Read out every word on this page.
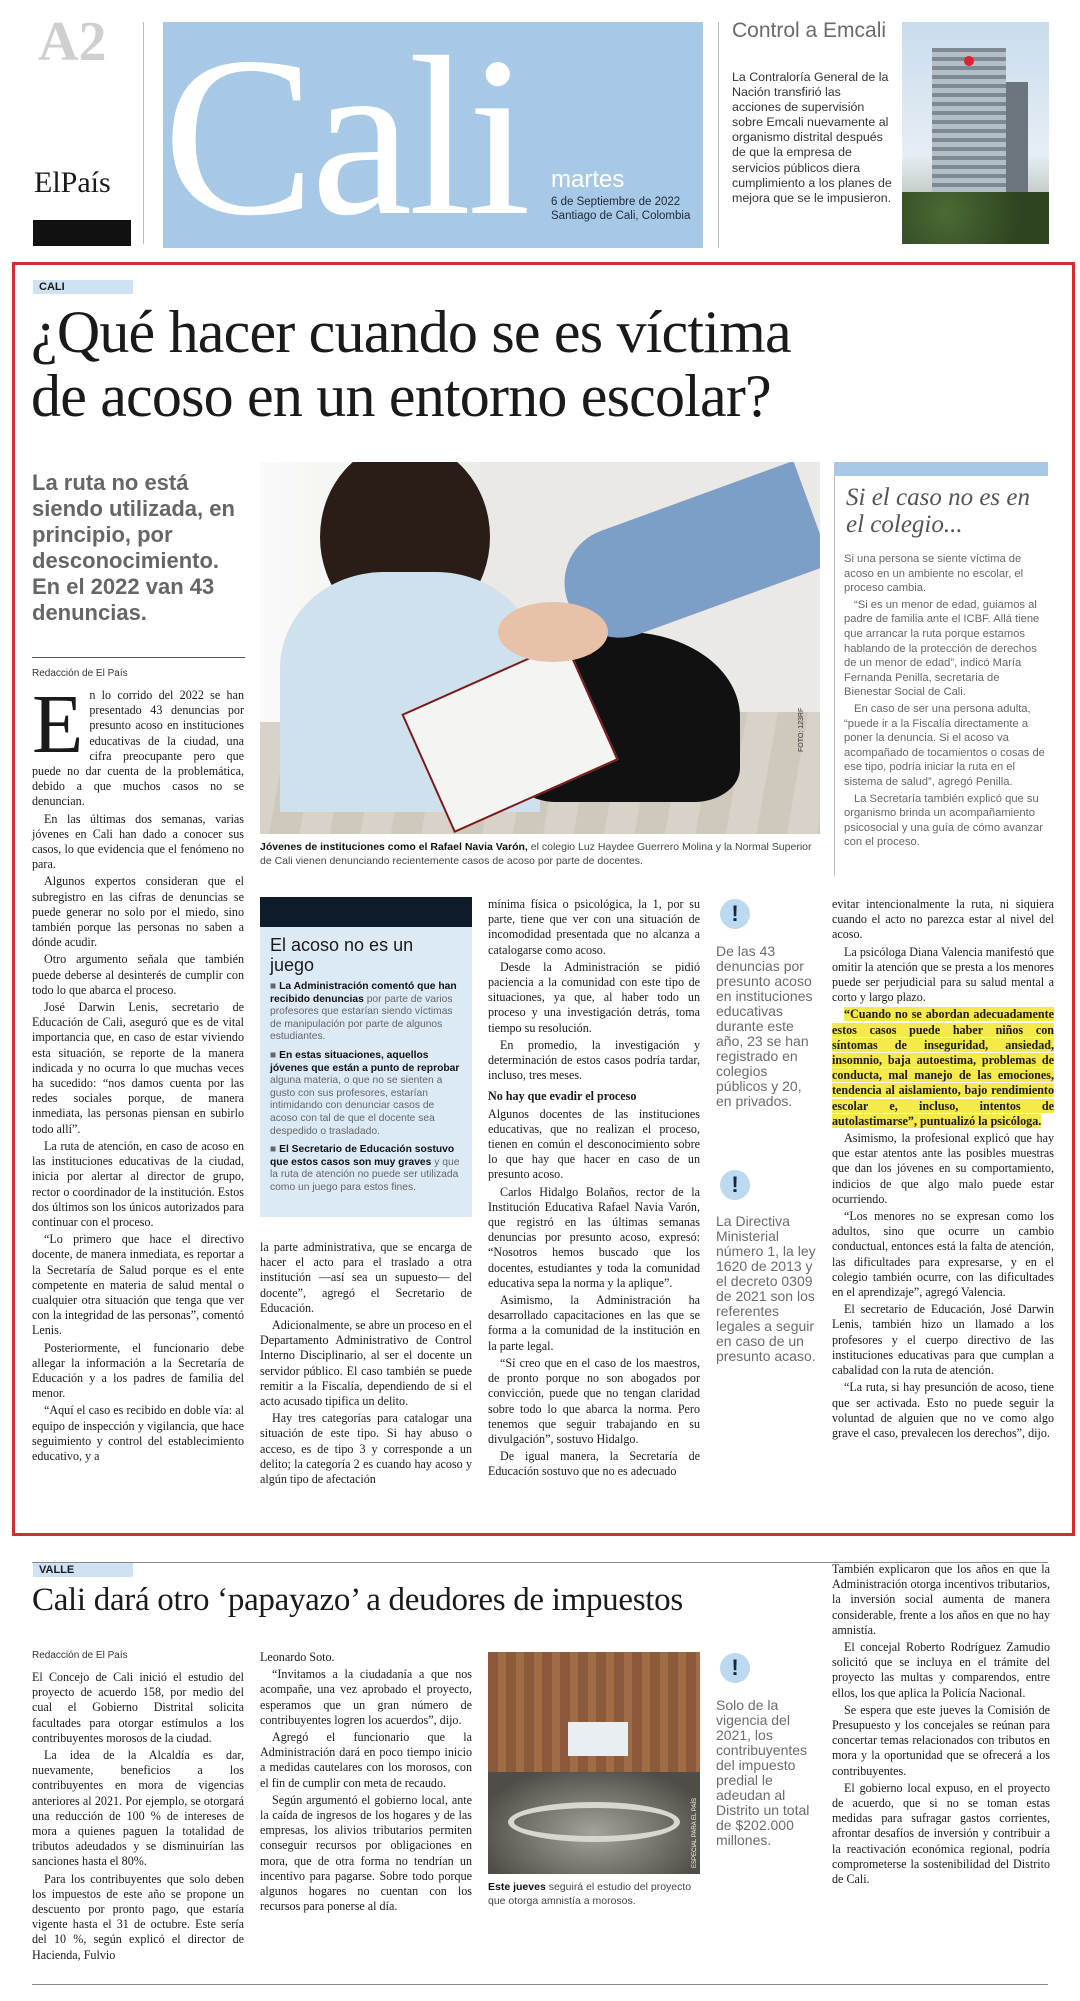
A2
ElPaís Cali martes
6 de Septiembre de 2022
Santiago de Cali, Colombia
Control a Emcali
La Contraloría General de la Nación transfirió las acciones de supervisión sobre Emcali nuevamente al organismo distrital después de que la empresa de servicios públicos diera cumplimiento a los planes de mejora que se le impusieron.
CALI
¿Qué hacer cuando se es víctima
de acoso en un entorno escolar?
La ruta no está siendo utilizada, en principio, por desconocimiento. En el 2022 van 43 denuncias.
Redacción de El País
FOTO: 123RF
Jóvenes de instituciones como el Rafael Navia Varón, el colegio Luz Haydee Guerrero Molina y la Normal Superior de Cali vienen denunciando recientemente casos de acoso por parte de docentes.
E n lo corrido del 2022 se han presentado 43 denuncias por presunto acoso en instituciones educativas de la ciudad, una cifra preocupante pero que puede no dar cuenta de la problemática, debido a que muchos casos no se denuncian.

En las últimas dos semanas, varias jóvenes en Cali han dado a conocer sus casos, lo que evidencia que el fenómeno no para.

Algunos expertos consideran que el subregistro en las cifras de denuncias se puede generar no solo por el miedo, sino también porque las personas no saben a dónde acudir.

Otro argumento señala que también puede deberse al desinterés de cumplir con todo lo que abarca el proceso.

José Darwin Lenis, secretario de Educación de Cali, aseguró que es de vital importancia que, en caso de estar viviendo esta situación, se reporte de la manera indicada y no ocurra lo que muchas veces ha sucedido: “nos damos cuenta por las redes sociales porque, de manera inmediata, las personas piensan en subirlo todo allí”.

La ruta de atención, en caso de acoso en las instituciones educativas de la ciudad, inicia por alertar al director de grupo, rector o coordinador de la institución. Estos dos últimos son los únicos autorizados para continuar con el proceso.

“Lo primero que hace el directivo docente, de manera inmediata, es reportar a la Secretaría de Salud porque es el ente competente en materia de salud mental o cualquier otra situación que tenga que ver con la integridad de las personas”, comentó Lenis.

Posteriormente, el funcionario debe allegar la información a la Secretaría de Educación y a los padres de familia del menor.

“Aquí el caso es recibido en doble vía: al equipo de inspección y vigilancia, que hace seguimiento y control del establecimiento educativo, y a

El acoso no es un juego
■ La Administración comentó que han recibido denuncias por parte de varios profesores que estarían siendo víctimas de manipulación por parte de algunos estudiantes.
■ En estas situaciones, aquellos jóvenes que están a punto de reprobar alguna materia, o que no se sienten a gusto con sus profesores, estarían intimidando con denunciar casos de acoso con tal de que el docente sea despedido o trasladado.
■ El Secretario de Educación sostuvo que estos casos son muy graves y que la ruta de atención no puede ser utilizada como un juego para estos fines.

la parte administrativa, que se encarga de hacer el acto para el traslado a otra institución —así sea un supuesto— del docente”, agregó el Secretario de Educación.

Adicionalmente, se abre un proceso en el Departamento Administrativo de Control Interno Disciplinario, al ser el docente un servidor público. El caso también se puede remitir a la Fiscalía, dependiendo de si el acto acusado tipifica un delito.

Hay tres categorías para catalogar una situación de este tipo. Si hay abuso o acceso, es de tipo 3 y corresponde a un delito; la categoría 2 es cuando hay acoso y algún tipo de afectación

mínima física o psicológica, la 1, por su parte, tiene que ver con una situación de incomodidad presentada que no alcanza a catalogarse como acoso.

Desde la Administración se pidió paciencia a la comunidad con este tipo de situaciones, ya que, al haber todo un proceso y una investigación detrás, toma tiempo su resolución.

En promedio, la investigación y determinación de estos casos podría tardar, incluso, tres meses.

No hay que evadir el proceso

Algunos docentes de las instituciones educativas, que no realizan el proceso, tienen en común el desconocimiento sobre lo que hay que hacer en caso de un presunto acoso.

Carlos Hidalgo Bolaños, rector de la Institución Educativa Rafael Navia Varón, que registró en las últimas semanas denuncias por presunto acoso, expresó: “Nosotros hemos buscado que los docentes, estudiantes y toda la comunidad educativa sepa la norma y la aplique”.

Asimismo, la Administración ha desarrollado capacitaciones en las que se forma a la comunidad de la institución en la parte legal.

“Sí creo que en el caso de los maestros, de pronto porque no son abogados por convicción, puede que no tengan claridad sobre todo lo que abarca la norma. Pero tenemos que seguir trabajando en su divulgación”, sostuvo Hidalgo.

De igual manera, la Secretaría de Educación sostuvo que no es adecuado

!
De las 43 denuncias por presunto acoso en instituciones educativas durante este año, 23 se han registrado en colegios públicos y 20, en privados.
!
La Directiva Ministerial número 1, la ley 1620 de 2013 y el decreto 0309 de 2021 son los referentes legales a seguir en caso de un presunto acaso.

evitar intencionalmente la ruta, ni siquiera cuando el acto no parezca estar al nivel del acoso.

La psicóloga Diana Valencia manifestó que omitir la atención que se presta a los menores puede ser perjudicial para su salud mental a corto y largo plazo.

“Cuando no se abordan adecuadamente estos casos puede haber niños con síntomas de inseguridad, ansiedad, insomnio, baja autoestima, problemas de conducta, mal manejo de las emociones, tendencia al aislamiento, bajo rendimiento escolar e, incluso, intentos de autolastimarse”, puntualizó la psicóloga.

Asimismo, la profesional explicó que hay que estar atentos ante las posibles muestras que dan los jóvenes en su comportamiento, indicios de que algo malo puede estar ocurriendo.

“Los menores no se expresan como los adultos, sino que ocurre un cambio conductual, entonces está la falta de atención, las dificultades para expresarse, y en el colegio también ocurre, con las dificultades en el aprendizaje”, agregó Valencia.

El secretario de Educación, José Darwin Lenis, también hizo un llamado a los profesores y el cuerpo directivo de las instituciones educativas para que cumplan a cabalidad con la ruta de atención.

“La ruta, si hay presunción de acoso, tiene que ser activada. Esto no puede seguir la voluntad de alguien que no ve como algo grave el caso, prevalecen los derechos”, dijo.

Si el caso no es en el colegio...

Si una persona se siente víctima de acoso en un ambiente no escolar, el proceso cambia.

“Si es un menor de edad, guiamos al padre de familia ante el ICBF. Allá tiene que arrancar la ruta porque estamos hablando de la protección de derechos de un menor de edad”, indicó María Fernanda Penilla, secretaria de Bienestar Social de Cali.

En caso de ser una persona adulta, “puede ir a la Fiscalía directamente a poner la denuncia. Si el acoso va acompañado de tocamientos o cosas de ese tipo, podría iniciar la ruta en el sistema de salud”, agregó Penilla.

La Secretaría también explicó que su organismo brinda un acompañamiento psicosocial y una guía de cómo avanzar con el proceso.

VALLE
Cali dará otro ‘papayazo’ a deudores de impuestos
Redacción de El País

El Concejo de Cali inició el estudio del proyecto de acuerdo 158, por medio del cual el Gobierno Distrital solicita facultades para otorgar estímulos a los contribuyentes morosos de la ciudad.

La idea de la Alcaldía es dar, nuevamente, beneficios a los contribuyentes en mora de vigencias anteriores al 2021. Por ejemplo, se otorgará una reducción de 100 % de intereses de mora a quienes paguen la totalidad de tributos adeudados y se disminuirían las sanciones hasta el 80%.

Para los contribuyentes que solo deben los impuestos de este año se propone un descuento por pronto pago, que estaría vigente hasta el 31 de octubre. Este sería del 10 %, según explicó el director de Hacienda, Fulvio

Leonardo Soto.

“Invitamos a la ciudadanía a que nos acompañe, una vez aprobado el proyecto, esperamos que un gran número de contribuyentes logren los acuerdos”, dijo.

Agregó el funcionario que la Administración dará en poco tiempo inicio a medidas cautelares con los morosos, con el fin de cumplir con meta de recaudo.

Según argumentó el gobierno local, ante la caída de ingresos de los hogares y de las empresas, los alivios tributarios permiten conseguir recursos por obligaciones en mora, que de otra forma no tendrían un incentivo para pagarse. Sobre todo porque algunos hogares no cuentan con los recursos para ponerse al día.

ESPECIAL PARA EL PAÍS
Este jueves seguirá el estudio del proyecto que otorga amnistía a morosos.
!
Solo de la vigencia del 2021, los contribuyentes del impuesto predial le adeudan al Distrito un total de $202.000 millones.

También explicaron que los años en que la Administración otorga incentivos tributarios, la inversión social aumenta de manera considerable, frente a los años en que no hay amnistía.

El concejal Roberto Rodríguez Zamudio solicitó que se incluya en el trámite del proyecto las multas y comparendos, entre ellos, los que aplica la Policía Nacional.

Se espera que este jueves la Comisión de Presupuesto y los concejales se reúnan para concertar temas relacionados con tributos en mora y la oportunidad que se ofrecerá a los contribuyentes.

El gobierno local expuso, en el proyecto de acuerdo, que si no se toman estas medidas para sufragar gastos corrientes, afrontar desafíos de inversión y contribuir a la reactivación económica regional, podría comprometerse la sostenibilidad del Distrito de Cali.
